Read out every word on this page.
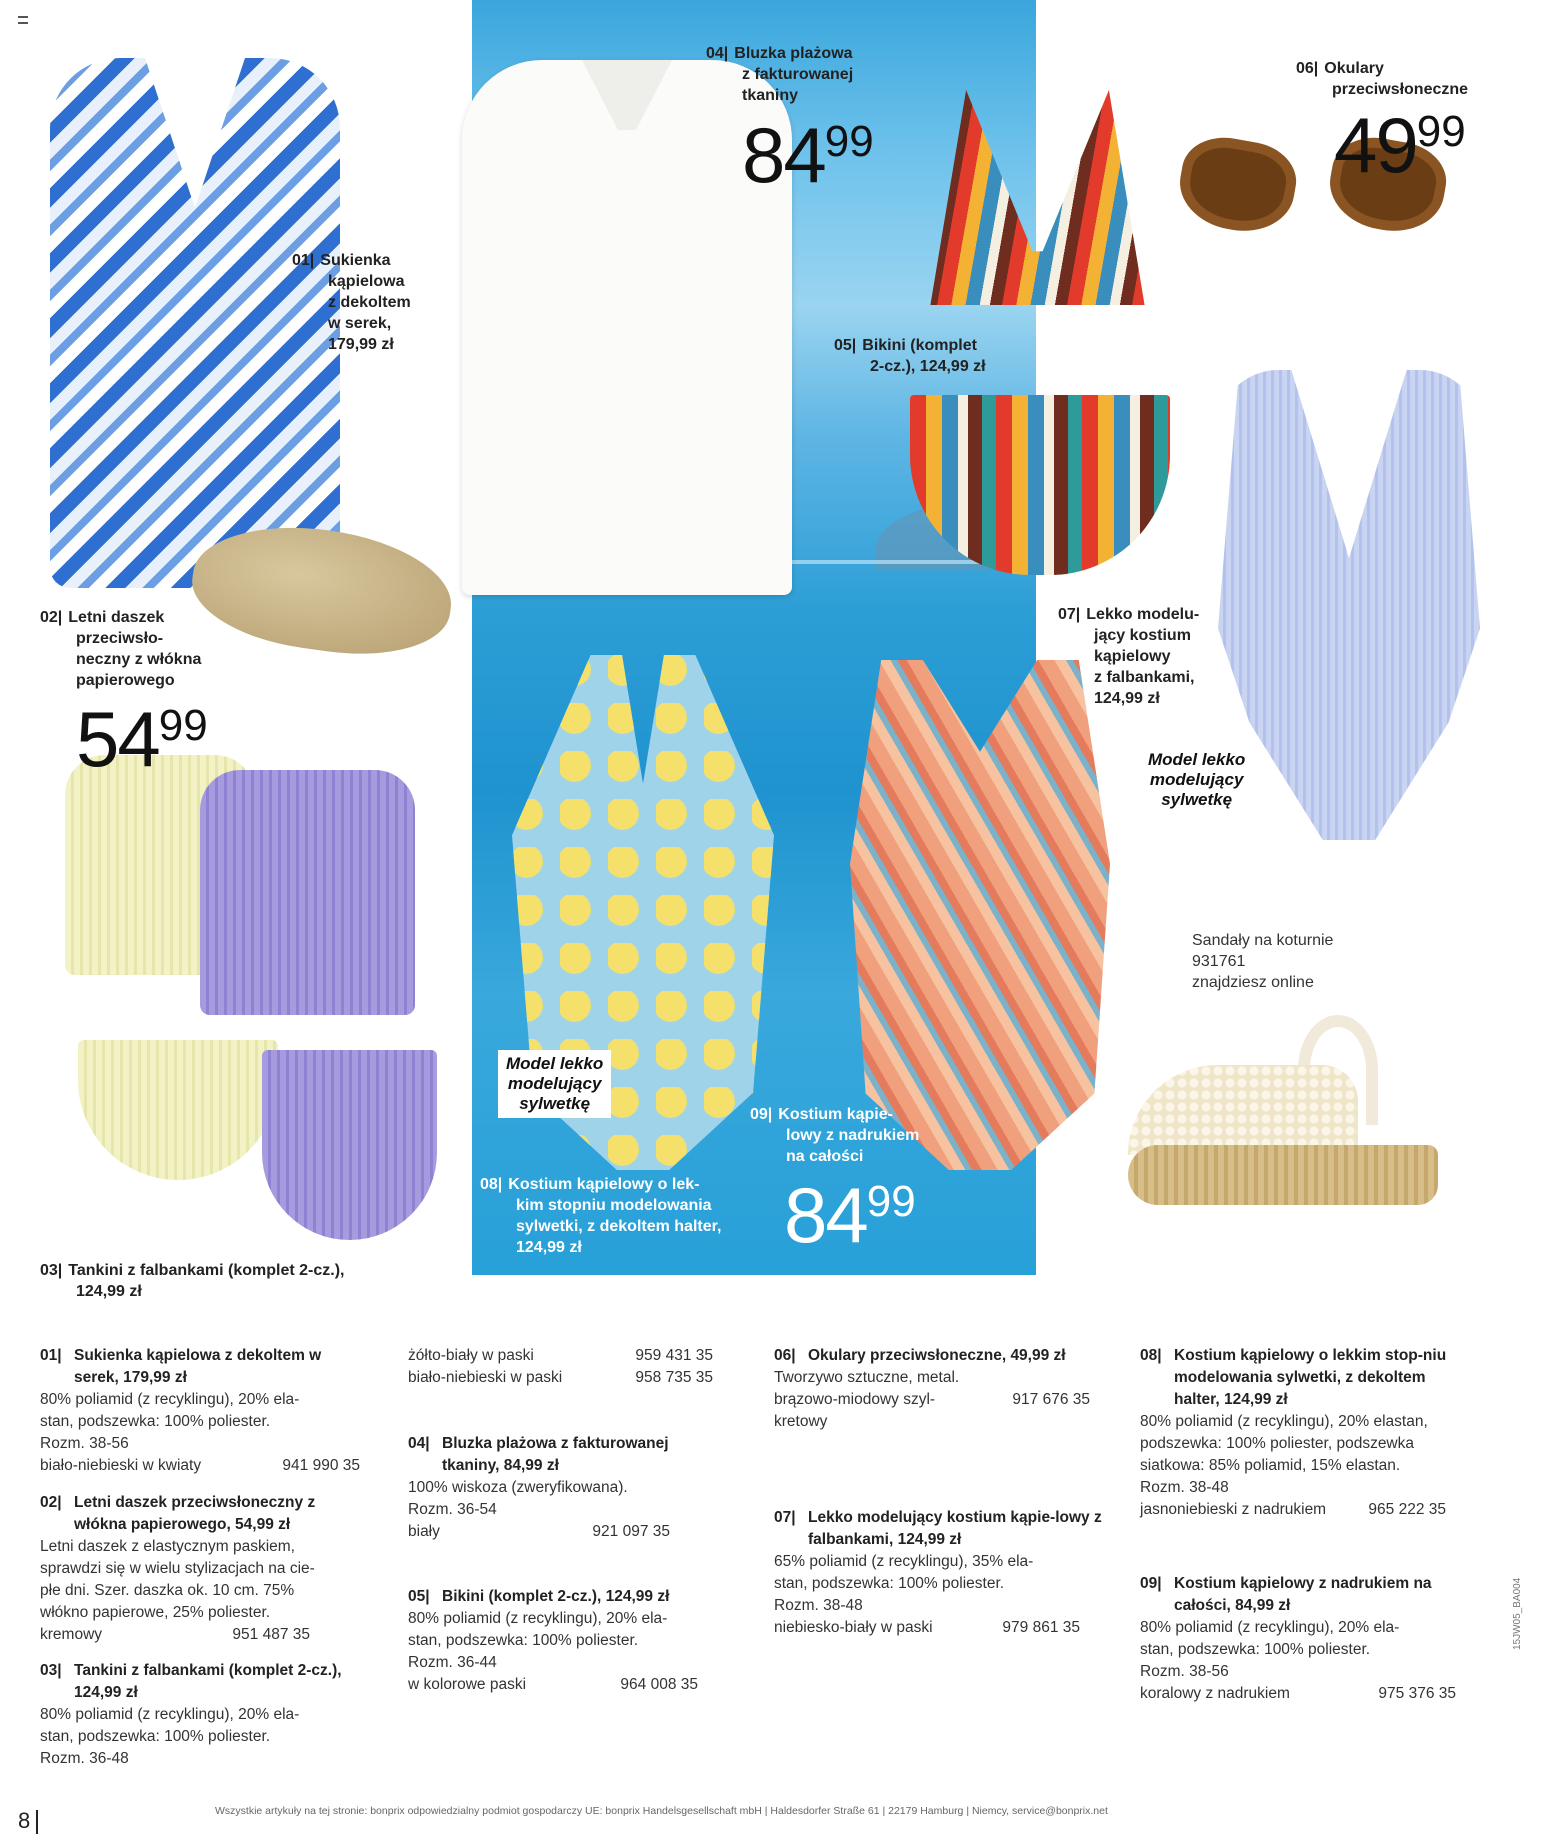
01| Sukienka
kąpielowa
z dekoltem
w serek,
179,99 zł
02| Letni daszek
przeciwsło-
neczny z włókna
papierowego
5499
03| Tankini z falbankami (komplet 2-cz.),
124,99 zł
04| Bluzka plażowa
z fakturowanej
tkaniny
8499
05| Bikini (komplet
2-cz.), 124,99 zł
06| Okulary
przeciwsłoneczne
4999
07| Lekko modelu-
jący kostium
kąpielowy
z falbankami,
124,99 zł
Model lekko
modelujący
sylwetkę
Model lekko
modelujący
sylwetkę
08| Kostium kąpielowy o lek-
kim stopniu modelowania
sylwetki, z dekoltem halter,
124,99 zł
09| Kostium kąpie-
lowy z nadrukiem
na całości
8499
Sandały na koturnie
931761
znajdziesz online

01| Sukienka kąpielowa z dekoltem w serek, 179,99 zł

80% poliamid (z recyklingu), 20% ela-

stan, podszewka: 100% poliester.

Rozm. 38-56

biało-niebieski w kwiaty	941 990 35

02| Letni daszek przeciwsłoneczny z włókna papierowego, 54,99 zł

Letni daszek z elastycznym paskiem,

sprawdzi się w wielu stylizacjach na cie-

płe dni. Szer. daszka ok. 10 cm. 75%

włókno papierowe, 25% poliester.

kremowy	951 487 35

03| Tankini z falbankami (komplet 2-cz.), 124,99 zł

80% poliamid (z recyklingu), 20% ela-

stan, podszewka: 100% poliester.

Rozm. 36-48

żółto-biały w paski	959 431 35
biało-niebieski w paski	958 735 35

04| Bluzka plażowa z fakturowanej tkaniny, 84,99 zł

100% wiskoza (zweryfikowana).

Rozm. 36-54

biały	921 097 35

05| Bikini (komplet 2-cz.), 124,99 zł

80% poliamid (z recyklingu), 20% ela-

stan, podszewka: 100% poliester.

Rozm. 36-44

w kolorowe paski	964 008 35

06| Okulary przeciwsłoneczne, 49,99 zł

Tworzywo sztuczne, metal.

brązowo-miodowy szyl-
kretowy
917 676 35

07| Lekko modelujący kostium kąpie-lowy z falbankami, 124,99 zł

65% poliamid (z recyklingu), 35% ela-

stan, podszewka: 100% poliester.

Rozm. 38-48

niebiesko-biały w paski	979 861 35

08| Kostium kąpielowy o lekkim stop-niu modelowania sylwetki, z dekoltem halter, 124,99 zł

80% poliamid (z recyklingu), 20% elastan,

podszewka: 100% poliester, podszewka

siatkowa: 85% poliamid, 15% elastan.

Rozm. 38-48

jasnoniebieski z nadrukiem	965 222 35

09| Kostium kąpielowy z nadrukiem na całości, 84,99 zł

80% poliamid (z recyklingu), 20% ela-

stan, podszewka: 100% poliester.

Rozm. 38-56

koralowy z nadrukiem	975 376 35
8	Wszystkie artykuły na tej stronie: bonprix odpowiedzialny podmiot gospodarczy UE: bonprix Handelsgesellschaft mbH | Haldesdorfer Straße 61 | 22179 Hamburg | Niemcy, service@bonprix.net
15JW05_BA004
